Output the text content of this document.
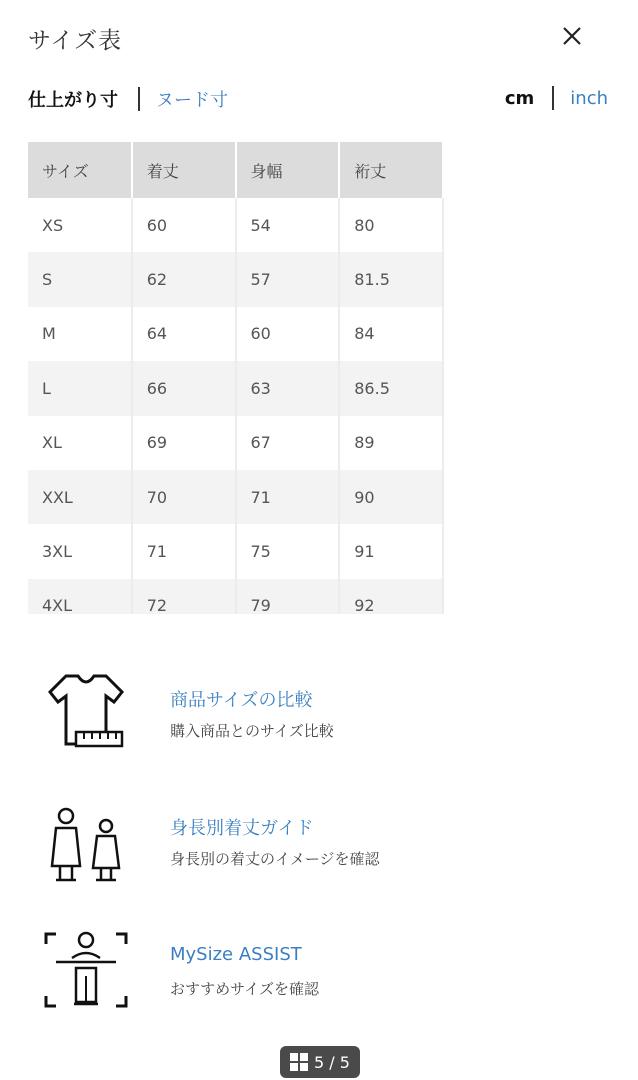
サイズ表
仕上がり寸 ヌード寸	cm inch
サイズ	着丈	身幅	裄丈
XS	60	54	80
S	62	57	81.5
M	64	60	84
L	66	63	86.5
XL	69	67	89
XXL	70	71	90
3XL	71	75	91
4XL	72	79	92
商品サイズの比較
購入商品とのサイズ比較
身長別着丈ガイド
身長別の着丈のイメージを確認
MySize ASSIST
おすすめサイズを確認
5 / 5
